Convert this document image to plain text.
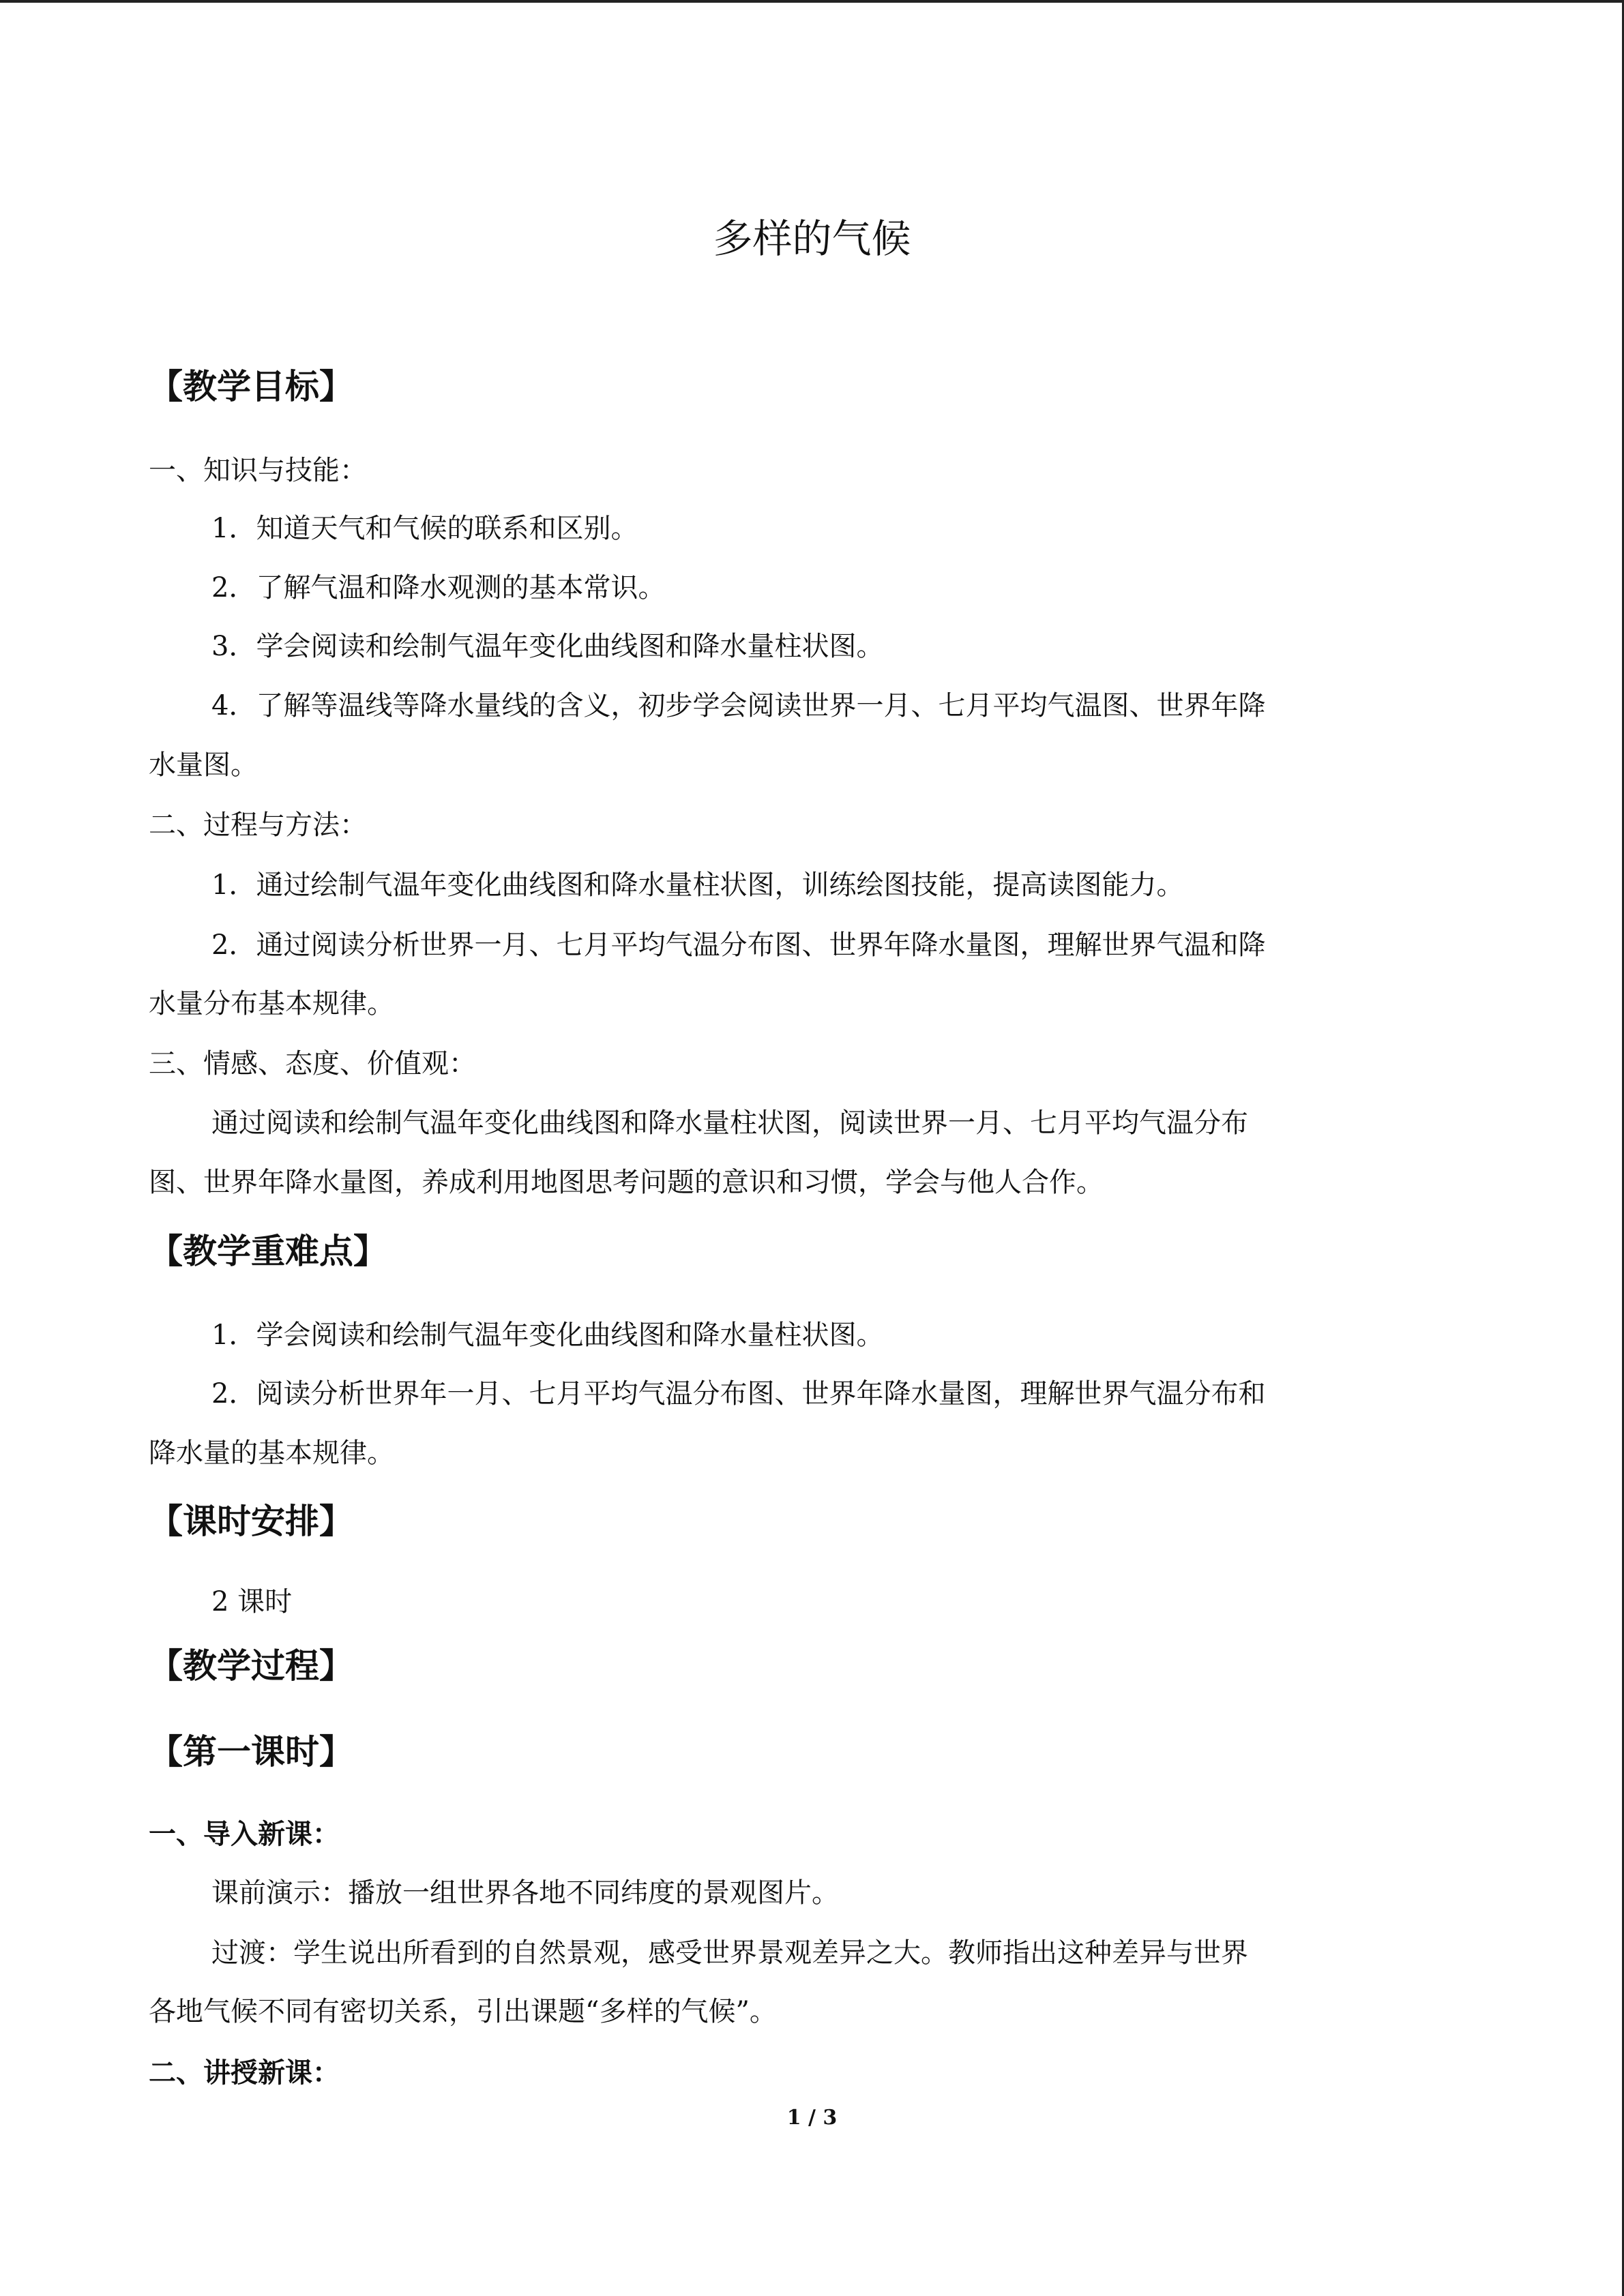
多样的气候
【教学目标】
一、知识与技能：
1．知道天气和气候的联系和区别。
2．了解气温和降水观测的基本常识。
3．学会阅读和绘制气温年变化曲线图和降水量柱状图。
4．了解等温线等降水量线的含义，初步学会阅读世界一月、七月平均气温图、世界年降
水量图。
二、过程与方法：
1．通过绘制气温年变化曲线图和降水量柱状图，训练绘图技能，提高读图能力。
2．通过阅读分析世界一月、七月平均气温分布图、世界年降水量图，理解世界气温和降
水量分布基本规律。
三、情感、态度、价值观：
通过阅读和绘制气温年变化曲线图和降水量柱状图，阅读世界一月、七月平均气温分布
图、世界年降水量图，养成利用地图思考问题的意识和习惯，学会与他人合作。
【教学重难点】
1．学会阅读和绘制气温年变化曲线图和降水量柱状图。
2．阅读分析世界年一月、七月平均气温分布图、世界年降水量图，理解世界气温分布和
降水量的基本规律。
【课时安排】
2 课时
【教学过程】
【第一课时】
一、导入新课：
课前演示：播放一组世界各地不同纬度的景观图片。
过渡：学生说出所看到的自然景观，感受世界景观差异之大。教师指出这种差异与世界
各地气候不同有密切关系，引出课题“多样的气候”。
二、讲授新课：
1 / 3
